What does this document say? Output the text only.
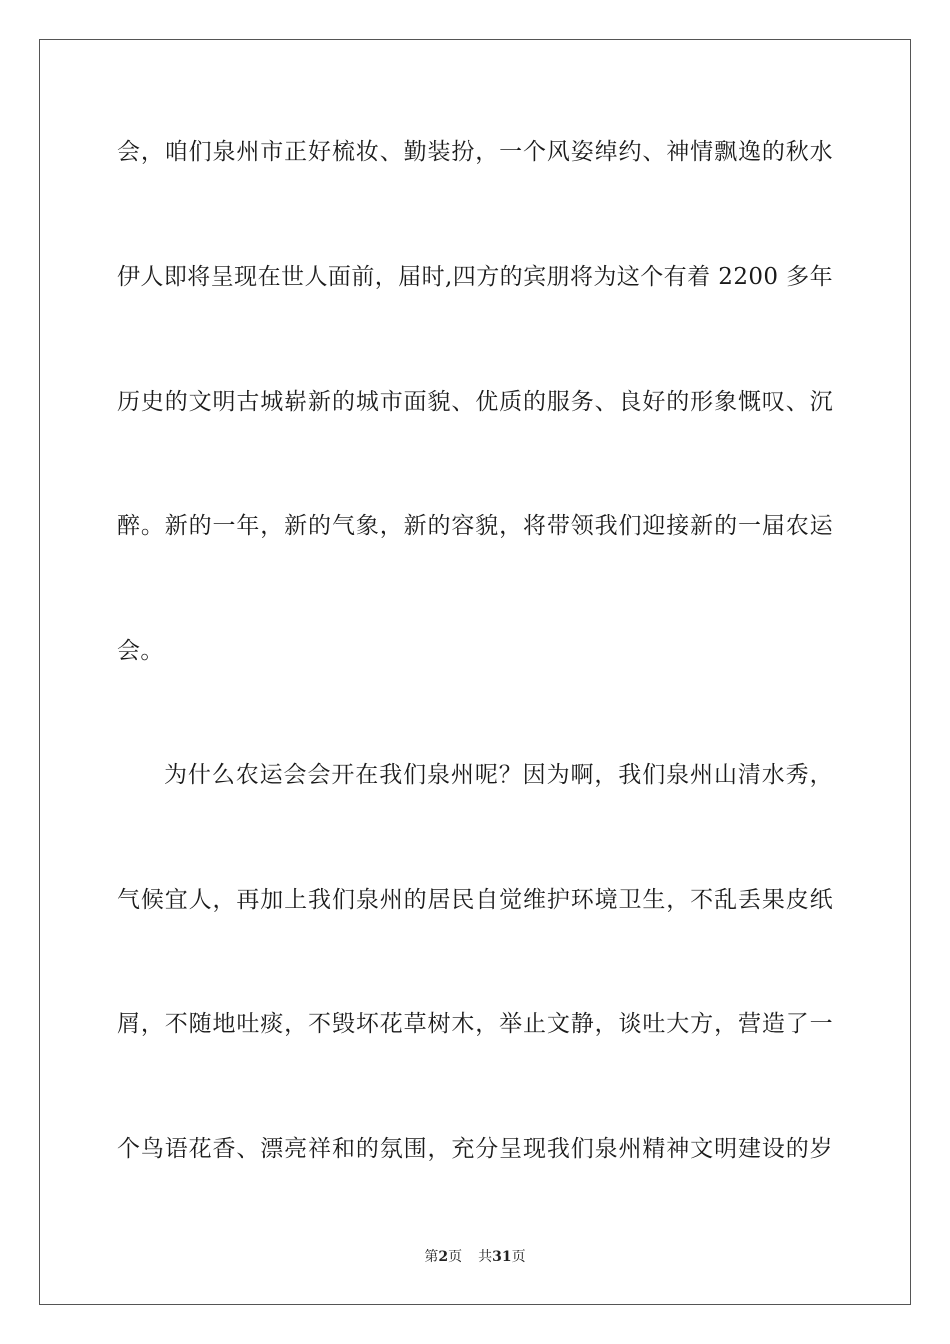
会，咱们泉州市正好梳妆、勤装扮，一个风姿绰约、神情飘逸的秋水
伊人即将呈现在世人面前，届时,四方的宾朋将为这个有着 2200 多年
历史的文明古城崭新的城市面貌、优质的服务、良好的形象慨叹、沉
醉。新的一年，新的气象，新的容貌，将带领我们迎接新的一届农运
会。
为什么农运会会开在我们泉州呢？因为啊，我们泉州山清水秀，
气候宜人，再加上我们泉州的居民自觉维护环境卫生，不乱丢果皮纸
屑，不随地吐痰，不毁坏花草树木，举止文静，谈吐大方，营造了一
个鸟语花香、漂亮祥和的氛围，充分呈现我们泉州精神文明建设的岁
第2页 共31页
